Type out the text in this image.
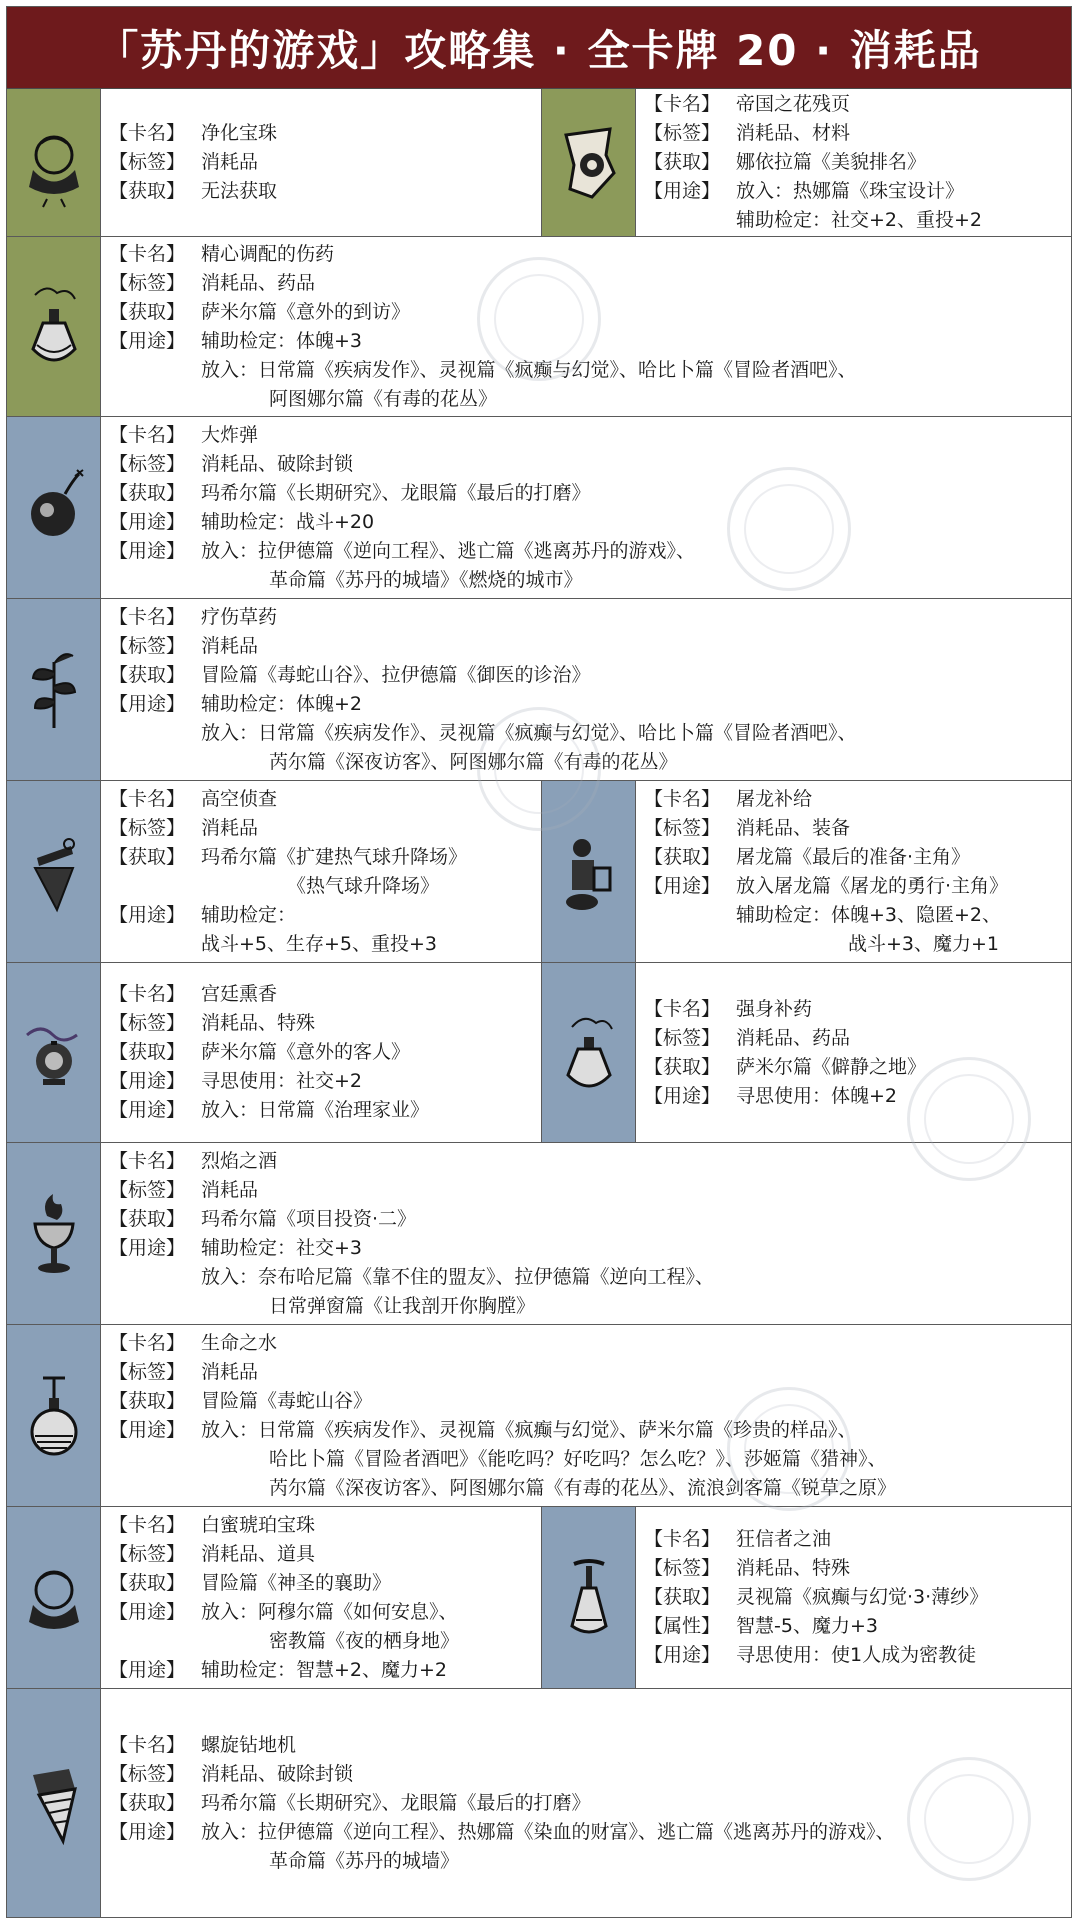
「苏丹的游戏」攻略集 · 全卡牌 20 · 消耗品
【卡名】 净化宝珠
【标签】 消耗品
【获取】 无法获取
【卡名】 帝国之花残页
【标签】 消耗品、材料
【获取】 娜依拉篇《美貌排名》
【用途】 放入：热娜篇《珠宝设计》
辅助检定：社交+2、重投+2
【卡名】 精心调配的伤药
【标签】 消耗品、药品
【获取】 萨米尔篇《意外的到访》
【用途】 辅助检定：体魄+3
放入：日常篇《疾病发作》、灵视篇《疯癫与幻觉》、哈比卜篇《冒险者酒吧》、
阿图娜尔篇《有毒的花丛》
【卡名】 大炸弹
【标签】 消耗品、破除封锁
【获取】 玛希尔篇《长期研究》、龙眼篇《最后的打磨》
【用途】 辅助检定：战斗+20
【用途】 放入：拉伊德篇《逆向工程》、逃亡篇《逃离苏丹的游戏》、
革命篇《苏丹的城墙》《燃烧的城市》
【卡名】 疗伤草药
【标签】 消耗品
【获取】 冒险篇《毒蛇山谷》、拉伊德篇《御医的诊治》
【用途】 辅助检定：体魄+2
放入：日常篇《疾病发作》、灵视篇《疯癫与幻觉》、哈比卜篇《冒险者酒吧》、
芮尔篇《深夜访客》、阿图娜尔篇《有毒的花丛》
【卡名】 高空侦查
【标签】 消耗品
【获取】 玛希尔篇《扩建热气球升降场》
《热气球升降场》
【用途】 辅助检定：
战斗+5、生存+5、重投+3
【卡名】 屠龙补给
【标签】 消耗品、装备
【获取】 屠龙篇《最后的准备·主角》
【用途】 放入屠龙篇《屠龙的勇行·主角》
辅助检定：体魄+3、隐匿+2、
战斗+3、魔力+1
【卡名】 宫廷熏香
【标签】 消耗品、特殊
【获取】 萨米尔篇《意外的客人》
【用途】 寻思使用：社交+2
【用途】 放入：日常篇《治理家业》
【卡名】 强身补药
【标签】 消耗品、药品
【获取】 萨米尔篇《僻静之地》
【用途】 寻思使用：体魄+2
【卡名】 烈焰之酒
【标签】 消耗品
【获取】 玛希尔篇《项目投资·二》
【用途】 辅助检定：社交+3
放入：奈布哈尼篇《靠不住的盟友》、拉伊德篇《逆向工程》、
日常弹窗篇《让我剖开你胸膛》
【卡名】 生命之水
【标签】 消耗品
【获取】 冒险篇《毒蛇山谷》
【用途】 放入：日常篇《疾病发作》、灵视篇《疯癫与幻觉》、萨米尔篇《珍贵的样品》、
哈比卜篇《冒险者酒吧》《能吃吗？好吃吗？怎么吃？》、莎姬篇《猎神》、
芮尔篇《深夜访客》、阿图娜尔篇《有毒的花丛》、流浪剑客篇《锐草之原》
【卡名】 白蜜琥珀宝珠
【标签】 消耗品、道具
【获取】 冒险篇《神圣的襄助》
【用途】 放入：阿穆尔篇《如何安息》、
密教篇《夜的栖身地》
【用途】 辅助检定：智慧+2、魔力+2
【卡名】 狂信者之油
【标签】 消耗品、特殊
【获取】 灵视篇《疯癫与幻觉·3·薄纱》
【属性】 智慧-5、魔力+3
【用途】 寻思使用：使1人成为密教徒
【卡名】 螺旋钻地机
【标签】 消耗品、破除封锁
【获取】 玛希尔篇《长期研究》、龙眼篇《最后的打磨》
【用途】 放入：拉伊德篇《逆向工程》、热娜篇《染血的财富》、逃亡篇《逃离苏丹的游戏》、
革命篇《苏丹的城墙》
